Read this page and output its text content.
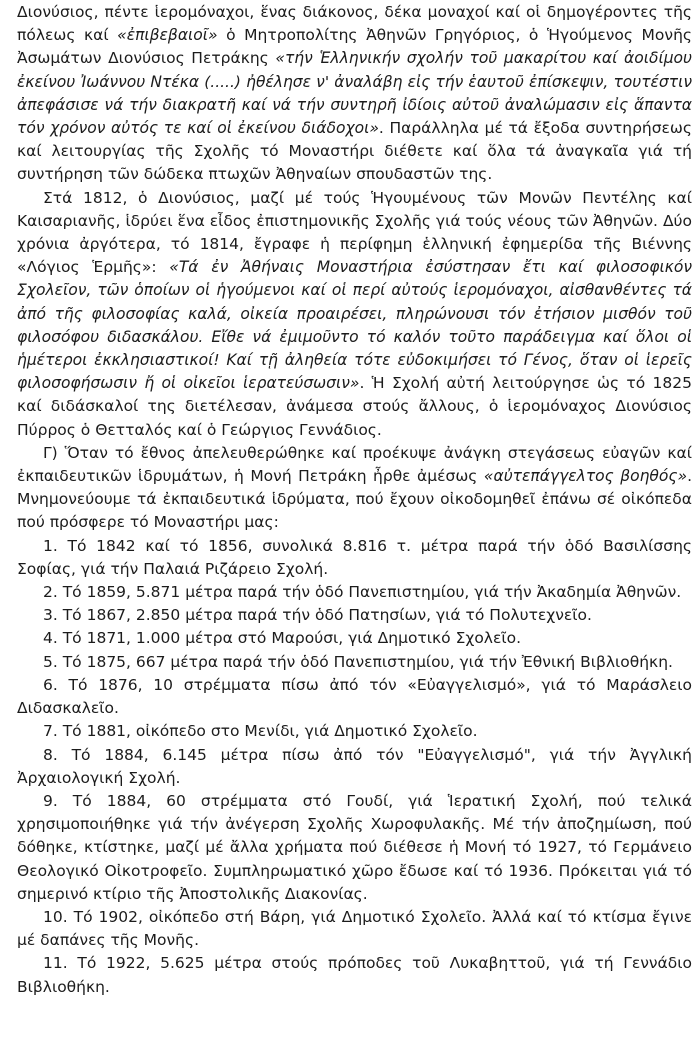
Διονύσιος, πέντε ἱερομόναχοι, ἕνας διάκονος, δέκα μοναχοί καί οἱ δημογέροντες τῆς πόλεως καί «ἐπιβεβαιοῖ» ὁ Μητροπολίτης Ἀθηνῶν Γρηγόριος, ὁ Ἡγούμενος Μονῆς Ἀσωμάτων Διονύσιος Πετράκης «τήν Ἑλληνικήν σχολήν τοῦ μακαρίτου καί ἀοιδίμου ἐκείνου Ἰωάννου Ντέκα (.....) ἠθέλησε ν' ἀναλάβη εἰς τήν ἑαυτοῦ ἐπίσκεψιν, τουτέστιν ἀπεφάσισε νά τήν διακρατῆ καί νά τήν συντηρῆ ἰδίοις αὐτοῦ ἀναλώμασιν εἰς ἅπαντα τόν χρόνον αὐτός τε καί οἱ ἐκείνου διάδοχοι». Παράλληλα μέ τά ἔξοδα συντηρήσεως καί λειτουργίας τῆς Σχολῆς τό Μοναστήρι διέθετε καί ὅλα τά ἀναγκαῖα γιά τή συντήρηση τῶν δώδεκα πτωχῶν Ἀθηναίων σπουδαστῶν της.

Στά 1812, ὁ Διονύσιος, μαζί μέ τούς Ἡγουμένους τῶν Μονῶν Πεντέλης καί Καισαριανῆς, ἱδρύει ἕνα εἶδος ἐπιστημονικῆς Σχολῆς γιά τούς νέους τῶν Ἀθηνῶν. Δύο χρόνια ἀργότερα, τό 1814, ἔγραφε ἡ περίφημη ἑλληνική ἐφημερίδα τῆς Βιέννης «Λόγιος Ἑρμῆς»: «Τά ἐν Ἀθήναις Μοναστήρια ἐσύστησαν ἔτι καί φιλοσοφικόν Σχολεῖον, τῶν ὁποίων οἱ ἡγούμενοι καί οἱ περί αὐτούς ἱερομόναχοι, αἰσθανθέντες τά ἀπό τῆς φιλοσοφίας καλά, οἰκεία προαιρέσει, πληρώνουσι τόν ἐτήσιον μισθόν τοῦ φιλοσόφου διδασκάλου. Εἴθε νά ἐμιμοῦντο τό καλόν τοῦτο παράδειγμα καί ὅλοι οἱ ἡμέτεροι ἐκκλησιαστικοί! Καί τῇ ἀληθεία τότε εὐδοκιμήσει τό Γένος, ὅταν οἱ ἱερεῖς φιλοσοφήσωσιν ἤ οἱ οἰκεῖοι ἱερατεύσωσιν». Ἡ Σχολή αὐτή λειτούργησε ὡς τό 1825 καί διδάσκαλοί της διετέλεσαν, ἀνάμεσα στούς ἄλλους, ὁ ἱερομόναχος Διονύσιος Πύρρος ὁ Θετταλός καί ὁ Γεώργιος Γεννάδιος.

Γ) Ὅταν τό ἔθνος ἀπελευθερώθηκε καί προέκυψε ἀνάγκη στεγάσεως εὐαγῶν καί ἐκπαιδευτικῶν ἱδρυμάτων, ἡ Μονή Πετράκη ἦρθε ἀμέσως «αὐτεπάγγελτος βοηθός». Μνημονεύουμε τά ἐκπαιδευτικά ἱδρύματα, πού ἔχουν οἰκοδομηθεῖ ἐπάνω σέ οἰκόπεδα πού πρόσφερε τό Μοναστήρι μας:

1. Τό 1842 καί τό 1856, συνολικά 8.816 τ. μέτρα παρά τήν ὁδό Βασιλίσσης Σοφίας, γιά τήν Παλαιά Ριζάρειο Σχολή.

2. Τό 1859, 5.871 μέτρα παρά τήν ὁδό Πανεπιστημίου, γιά τήν Ἀκαδημία Ἀθηνῶν.

3. Τό 1867, 2.850 μέτρα παρά τήν ὁδό Πατησίων, γιά τό Πολυτεχνεῖο.

4. Τό 1871, 1.000 μέτρα στό Μαρούσι, γιά Δημοτικό Σχολεῖο.

5. Τό 1875, 667 μέτρα παρά τήν ὁδό Πανεπιστημίου, γιά τήν Ἐθνική Βιβλιοθήκη.

6. Τό 1876, 10 στρέμματα πίσω ἀπό τόν «Εὐαγγελισμό», γιά τό Μαράσλειο Διδασκαλεῖο.

7. Τό 1881, οἰκόπεδο στο Μενίδι, γιά Δημοτικό Σχολεῖο.

8. Τό 1884, 6.145 μέτρα πίσω ἀπό τόν "Εὐαγγελισμό", γιά τήν Ἀγγλική Ἀρχαιολογική Σχολή.

9. Τό 1884, 60 στρέμματα στό Γουδί, γιά Ἱερατική Σχολή, πού τελικά χρησιμοποιήθηκε γιά τήν ἀνέγερση Σχολῆς Χωροφυλακῆς. Μέ τήν ἀποζημίωση, πού δόθηκε, κτίστηκε, μαζί μέ ἄλλα χρήματα πού διέθεσε ἡ Μονή τό 1927, τό Γερμάνειο Θεολογικό Οἰκοτροφεῖο. Συμπληρωματικό χῶρο ἔδωσε καί τό 1936. Πρόκειται γιά τό σημερινό κτίριο τῆς Ἀποστολικῆς Διακονίας.

10. Τό 1902, οἰκόπεδο στή Βάρη, γιά Δημοτικό Σχολεῖο. Ἀλλά καί τό κτίσμα ἔγινε μέ δαπάνες τῆς Μονῆς.

11. Τό 1922, 5.625 μέτρα στούς πρόποδες τοῦ Λυκαβηττοῦ, γιά τή Γεννάδιο Βιβλιοθήκη.
